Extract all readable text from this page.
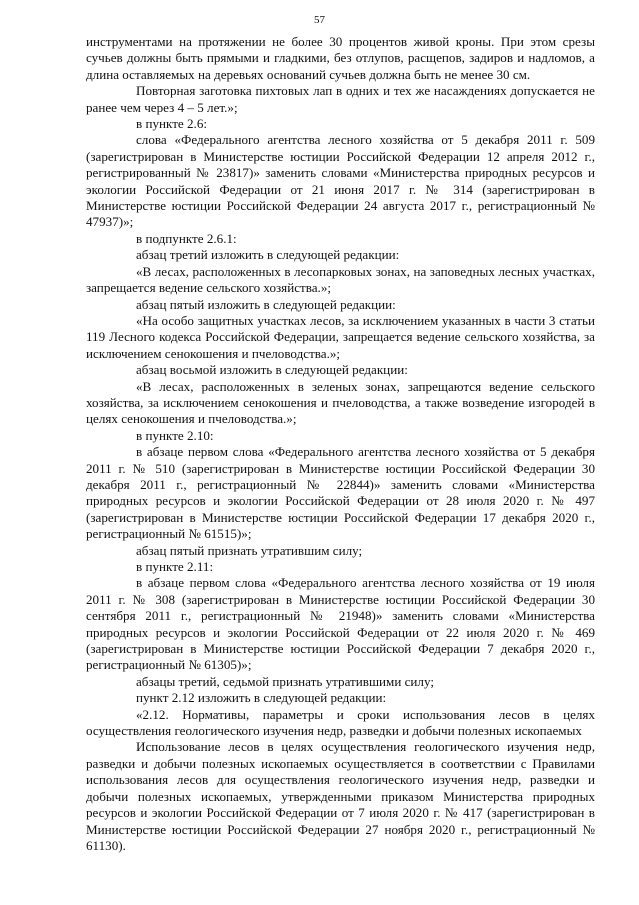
57

инструментами на протяжении не более 30 процентов живой кроны. При этом срезы сучьев должны быть прямыми и гладкими, без отлупов, расщепов, задиров и надломов, а длина оставляемых на деревьях оснований сучьев должна быть не менее 30 см.

Повторная заготовка пихтовых лап в одних и тех же насаждениях допускается не ранее чем через 4 – 5 лет.»;

в пункте 2.6:

слова «Федерального агентства лесного хозяйства от 5 декабря 2011 г. 509 (зарегистрирован в Министерстве юстиции Российской Федерации 12 апреля 2012 г., регистрированный № 23817)» заменить словами «Министерства природных ресурсов и экологии Российской Федерации от 21 июня 2017 г. № 314 (зарегистрирован в Министерстве юстиции Российской Федерации 24 августа 2017 г., регистрационный № 47937)»;

в подпункте 2.6.1:

абзац третий изложить в следующей редакции:

«В лесах, расположенных в лесопарковых зонах, на заповедных лесных участках, запрещается ведение сельского хозяйства.»;

абзац пятый изложить в следующей редакции:

«На особо защитных участках лесов, за исключением указанных в части 3 статьи 119 Лесного кодекса Российской Федерации, запрещается ведение сельского хозяйства, за исключением сенокошения и пчеловодства.»;

абзац восьмой изложить в следующей редакции:

«В лесах, расположенных в зеленых зонах, запрещаются ведение сельского хозяйства, за исключением сенокошения и пчеловодства, а также возведение изгородей в целях сенокошения и пчеловодства.»;

в пункте 2.10:

в абзаце первом слова «Федерального агентства лесного хозяйства от 5 декабря 2011 г. № 510 (зарегистрирован в Министерстве юстиции Российской Федерации 30 декабря 2011 г., регистрационный № 22844)» заменить словами «Министерства природных ресурсов и экологии Российской Федерации от 28 июля 2020 г. № 497 (зарегистрирован в Министерстве юстиции Российской Федерации 17 декабря 2020 г., регистрационный № 61515)»;

абзац пятый признать утратившим силу;

в пункте 2.11:

в абзаце первом слова «Федерального агентства лесного хозяйства от 19 июля 2011 г. № 308 (зарегистрирован в Министерстве юстиции Российской Федерации 30 сентября 2011 г., регистрационный № 21948)» заменить словами «Министерства природных ресурсов и экологии Российской Федерации от 22 июля 2020 г. № 469 (зарегистрирован в Министерстве юстиции Российской Федерации 7 декабря 2020 г., регистрационный № 61305)»;

абзацы третий, седьмой признать утратившими силу;

пункт 2.12 изложить в следующей редакции:

«2.12. Нормативы, параметры и сроки использования лесов в целях осуществления геологического изучения недр, разведки и добычи полезных ископаемых

Использование лесов в целях осуществления геологического изучения недр, разведки и добычи полезных ископаемых осуществляется в соответствии с Правилами использования лесов для осуществления геологического изучения недр, разведки и добычи полезных ископаемых, утвержденными приказом Министерства природных ресурсов и экологии Российской Федерации от 7 июля 2020 г. № 417 (зарегистрирован в Министерстве юстиции Российской Федерации 27 ноября 2020 г., регистрационный № 61130).
